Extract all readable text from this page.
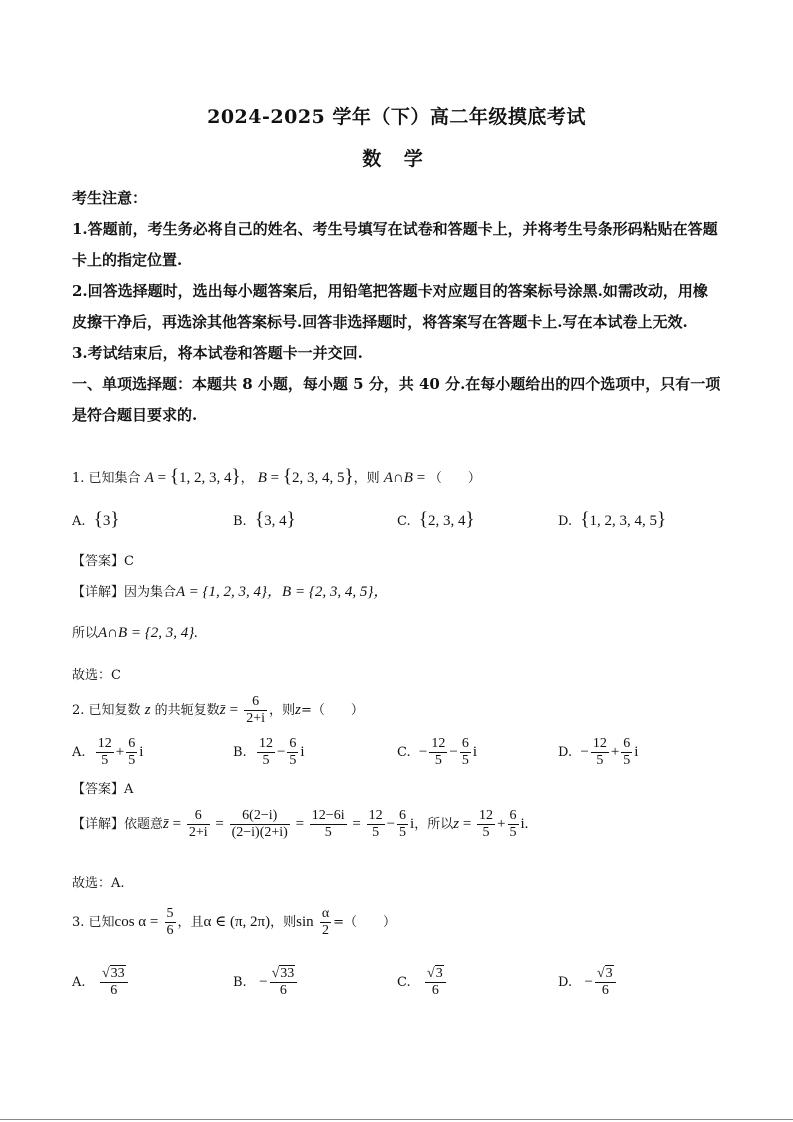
2024-2025 学年（下）高二年级摸底考试
数 学

考生注意：

1.答题前，考生务必将自己的姓名、考生号填写在试卷和答题卡上，并将考生号条形码粘贴在答题卡上的指定位置.

2.回答选择题时，选出每小题答案后，用铅笔把答题卡对应题目的答案标号涂黑.如需改动，用橡皮擦干净后，再选涂其他答案标号.回答非选择题时，将答案写在答题卡上.写在本试卷上无效.

3.考试结束后，将本试卷和答题卡一并交回.

一、单项选择题：本题共 8 小题，每小题 5 分，共 40 分.在每小题给出的四个选项中，只有一项是符合题目要求的.

1. 已知集合 A = {1, 2, 3, 4}， B = {2, 3, 4, 5}，则 A∩B = （　　）
A. {3}	B. {3, 4}	C. {2, 3, 4}	D. {1, 2, 3, 4, 5}
【答案】C
【详解】因为集合A = {1, 2, 3, 4}，B = {2, 3, 4, 5}，
所以A∩B = {2, 3, 4}.
故选：C
2. 已知复数 z 的共轭复数z̄ = $\frac{6}{2+i}$ ，则z=（　　）
A. $\frac{12}{5} + \frac{6}{5}$ i	B. $\frac{12}{5} - \frac{6}{5}$ i	C. − $\frac{12}{5} - \frac{6}{5}$ i	D. − $\frac{12}{5} + \frac{6}{5}$ i
【答案】A
【详解】依题意z̄ = $\frac{6}{2+i} = \frac{6(2-i)}{(2-i)(2+i)} = \frac{12-6i}{5} = \frac{12}{5} - \frac{6}{5}$ i，所以$z = \frac{12}{5} + \frac{6}{5} i$.
故选：A.
3. 已知$\cos \alpha = \frac{5}{6}$ ，且α ∈ (π, 2π)，则$\sin \frac{\alpha}{2}$ =（　　）
A. $\frac{√33}{6}$	B. − $\frac{√33}{6}$	C. $\frac{√3}{6}$	D. − $\frac{√3}{6}$
